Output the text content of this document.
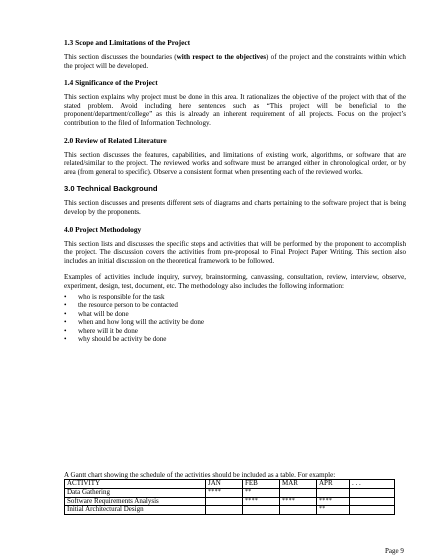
1.3 Scope and Limitations of the Project
This section discusses the boundaries (with respect to the objectives) of the project and the constraints within which the project will be developed.
1.4 Significance of the Project
This section explains why project must be done in this area. It rationalizes the objective of the project with that of the stated problem. Avoid including here sentences such as “This project will be beneficial to the proponent/department/college” as this is already an inherent requirement of all projects. Focus on the project’s contribution to the filed of Information Technology.
2.0 Review of Related Literature
This section discusses the features, capabilities, and limitations of existing work, algorithms, or software that are related/similar to the project. The reviewed works and software must be arranged either in chronological order, or by area (from general to specific). Observe a consistent format when presenting each of the reviewed works.
3.0 Technical Background
This section discusses and presents different sets of diagrams and charts pertaining to the software project that is being develop by the proponents.
4.0 Project Methodology
This section lists and discusses the specific steps and activities that will be performed by the proponent to accomplish the project. The discussion covers the activities from pre-proposal to Final Project Paper Writing. This section also includes an initial discussion on the theoretical framework to be followed.
Examples of activities include inquiry, survey, brainstorming, canvassing, consultation, review, interview, observe, experiment, design, test, document, etc. The methodology also includes the following information:
• who is responsible for the task
• the resource person to be contacted
• what will be done
• when and how long will the activity be done
• where will it be done
• why should be activity be done
A Gantt chart showing the schedule of the activities should be included as a table. For example:
ACTIVITY	JAN	FEB	MAR	APR	. . .
Data Gathering	****	**			
Software Requirements Analysis		****	****	****	
Initial Architectural Design				**	
Page 9
